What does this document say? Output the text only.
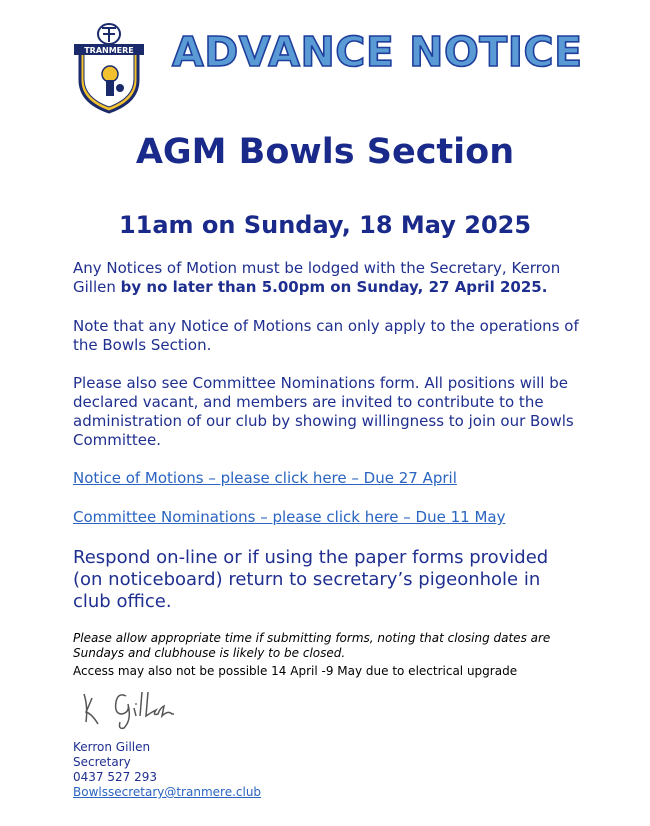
TRANMERE ADVANCE NOTICE
AGM Bowls Section
11am on Sunday, 18 May 2025
Any Notices of Motion must be lodged with the Secretary, Kerron Gillen by no later than 5.00pm on Sunday, 27 April 2025.
Note that any Notice of Motions can only apply to the operations of the Bowls Section.
Please also see Committee Nominations form. All positions will be declared vacant, and members are invited to contribute to the administration of our club by showing willingness to join our Bowls Committee.
Notice of Motions – please click here – Due 27 April
Committee Nominations – please click here – Due 11 May
Respond on-line or if using the paper forms provided (on noticeboard) return to secretary’s pigeonhole in club office.
Please allow appropriate time if submitting forms, noting that closing dates are Sundays and clubhouse is likely to be closed.
Access may also not be possible 14 April -9 May due to electrical upgrade
Kerron Gillen
Secretary
0437 527 293
Bowlssecretary@tranmere.club
